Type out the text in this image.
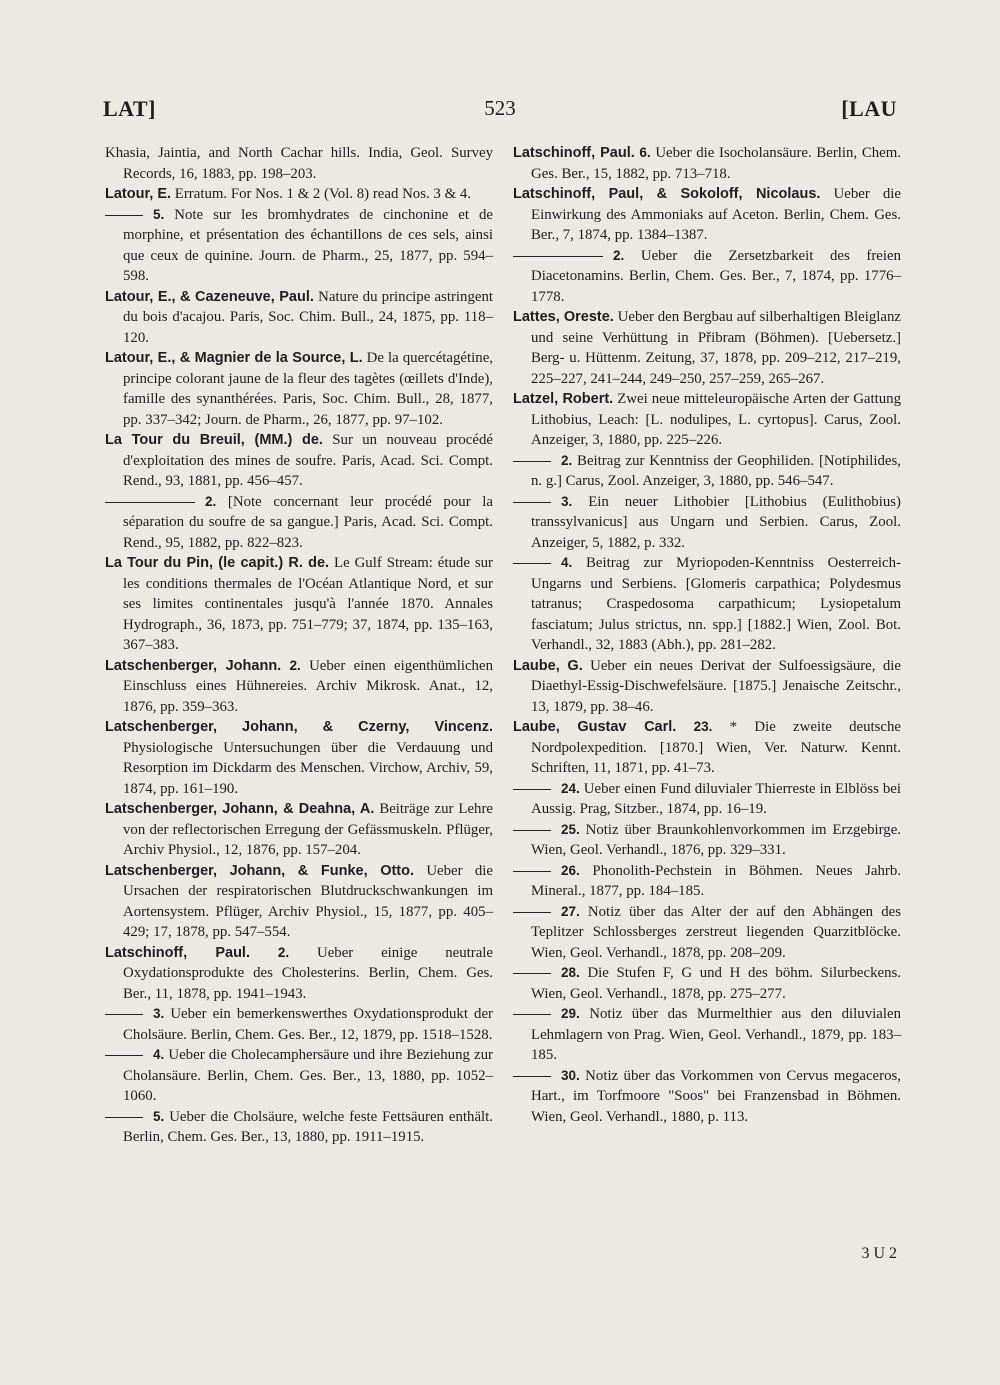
LAT]	523	[LAU

Khasia, Jaintia, and North Cachar hills. India, Geol. Survey Records, 16, 1883, pp. 198–203.

Latour, E. Erratum. For Nos. 1 & 2 (Vol. 8) read Nos. 3 & 4.

5. Note sur les bromhydrates de cinchonine et de morphine, et présentation des échantillons de ces sels, ainsi que ceux de quinine. Journ. de Pharm., 25, 1877, pp. 594–598.

Latour, E., & Cazeneuve, Paul. Nature du principe astringent du bois d'acajou. Paris, Soc. Chim. Bull., 24, 1875, pp. 118–120.

Latour, E., & Magnier de la Source, L. De la quercétagétine, principe colorant jaune de la fleur des tagètes (œillets d'Inde), famille des synanthérées. Paris, Soc. Chim. Bull., 28, 1877, pp. 337–342; Journ. de Pharm., 26, 1877, pp. 97–102.

La Tour du Breuil, (MM.) de. Sur un nouveau procédé d'exploitation des mines de soufre. Paris, Acad. Sci. Compt. Rend., 93, 1881, pp. 456–457.

2. [Note concernant leur procédé pour la séparation du soufre de sa gangue.] Paris, Acad. Sci. Compt. Rend., 95, 1882, pp. 822–823.

La Tour du Pin, (le capit.) R. de. Le Gulf Stream: étude sur les conditions thermales de l'Océan Atlantique Nord, et sur ses limites continentales jusqu'à l'année 1870. Annales Hydrograph., 36, 1873, pp. 751–779; 37, 1874, pp. 135–163, 367–383.

Latschenberger, Johann. 2. Ueber einen eigenthümlichen Einschluss eines Hühnereies. Archiv Mikrosk. Anat., 12, 1876, pp. 359–363.

Latschenberger, Johann, & Czerny, Vincenz. Physiologische Untersuchungen über die Verdauung und Resorption im Dickdarm des Menschen. Virchow, Archiv, 59, 1874, pp. 161–190.

Latschenberger, Johann, & Deahna, A. Beiträge zur Lehre von der reflectorischen Erregung der Gefässmuskeln. Pflüger, Archiv Physiol., 12, 1876, pp. 157–204.

Latschenberger, Johann, & Funke, Otto. Ueber die Ursachen der respiratorischen Blutdruckschwankungen im Aortensystem. Pflüger, Archiv Physiol., 15, 1877, pp. 405–429; 17, 1878, pp. 547–554.

Latschinoff, Paul. 2. Ueber einige neutrale Oxydationsprodukte des Cholesterins. Berlin, Chem. Ges. Ber., 11, 1878, pp. 1941–1943.

3. Ueber ein bemerkenswerthes Oxydationsprodukt der Cholsäure. Berlin, Chem. Ges. Ber., 12, 1879, pp. 1518–1528.

4. Ueber die Cholecamphersäure und ihre Beziehung zur Cholansäure. Berlin, Chem. Ges. Ber., 13, 1880, pp. 1052–1060.

5. Ueber die Cholsäure, welche feste Fettsäuren enthält. Berlin, Chem. Ges. Ber., 13, 1880, pp. 1911–1915.

Latschinoff, Paul. 6. Ueber die Isocholansäure. Berlin, Chem. Ges. Ber., 15, 1882, pp. 713–718.

Latschinoff, Paul, & Sokoloff, Nicolaus. Ueber die Einwirkung des Ammoniaks auf Aceton. Berlin, Chem. Ges. Ber., 7, 1874, pp. 1384–1387.

2. Ueber die Zersetzbarkeit des freien Diacetonamins. Berlin, Chem. Ges. Ber., 7, 1874, pp. 1776–1778.

Lattes, Oreste. Ueber den Bergbau auf silberhaltigen Bleiglanz und seine Verhüttung in Přibram (Böhmen). [Uebersetz.] Berg- u. Hüttenm. Zeitung, 37, 1878, pp. 209–212, 217–219, 225–227, 241–244, 249–250, 257–259, 265–267.

Latzel, Robert. Zwei neue mitteleuropäische Arten der Gattung Lithobius, Leach: [L. nodulipes, L. cyrtopus]. Carus, Zool. Anzeiger, 3, 1880, pp. 225–226.

2. Beitrag zur Kenntniss der Geophiliden. [Notiphilides, n. g.] Carus, Zool. Anzeiger, 3, 1880, pp. 546–547.

3. Ein neuer Lithobier [Lithobius (Eulithobius) transsylvanicus] aus Ungarn und Serbien. Carus, Zool. Anzeiger, 5, 1882, p. 332.

4. Beitrag zur Myriopoden-Kenntniss Oesterreich-Ungarns und Serbiens. [Glomeris carpathica; Polydesmus tatranus; Craspedosoma carpathicum; Lysiopetalum fasciatum; Julus strictus, nn. spp.] [1882.] Wien, Zool. Bot. Verhandl., 32, 1883 (Abh.), pp. 281–282.

Laube, G. Ueber ein neues Derivat der Sulfoessigsäure, die Diaethyl-Essig-Dischwefelsäure. [1875.] Jenaische Zeitschr., 13, 1879, pp. 38–46.

Laube, Gustav Carl. 23. * Die zweite deutsche Nordpolexpedition. [1870.] Wien, Ver. Naturw. Kennt. Schriften, 11, 1871, pp. 41–73.

24. Ueber einen Fund diluvialer Thierreste in Elblöss bei Aussig. Prag, Sitzber., 1874, pp. 16–19.

25. Notiz über Braunkohlenvorkommen im Erzgebirge. Wien, Geol. Verhandl., 1876, pp. 329–331.

26. Phonolith-Pechstein in Böhmen. Neues Jahrb. Mineral., 1877, pp. 184–185.

27. Notiz über das Alter der auf den Abhängen des Teplitzer Schlossberges zerstreut liegenden Quarzitblöcke. Wien, Geol. Verhandl., 1878, pp. 208–209.

28. Die Stufen F, G und H des böhm. Silurbeckens. Wien, Geol. Verhandl., 1878, pp. 275–277.

29. Notiz über das Murmelthier aus den diluvialen Lehmlagern von Prag. Wien, Geol. Verhandl., 1879, pp. 183–185.

30. Notiz über das Vorkommen von Cervus megaceros, Hart., im Torfmoore "Soos" bei Franzensbad in Böhmen. Wien, Geol. Verhandl., 1880, p. 113.

3 U 2
